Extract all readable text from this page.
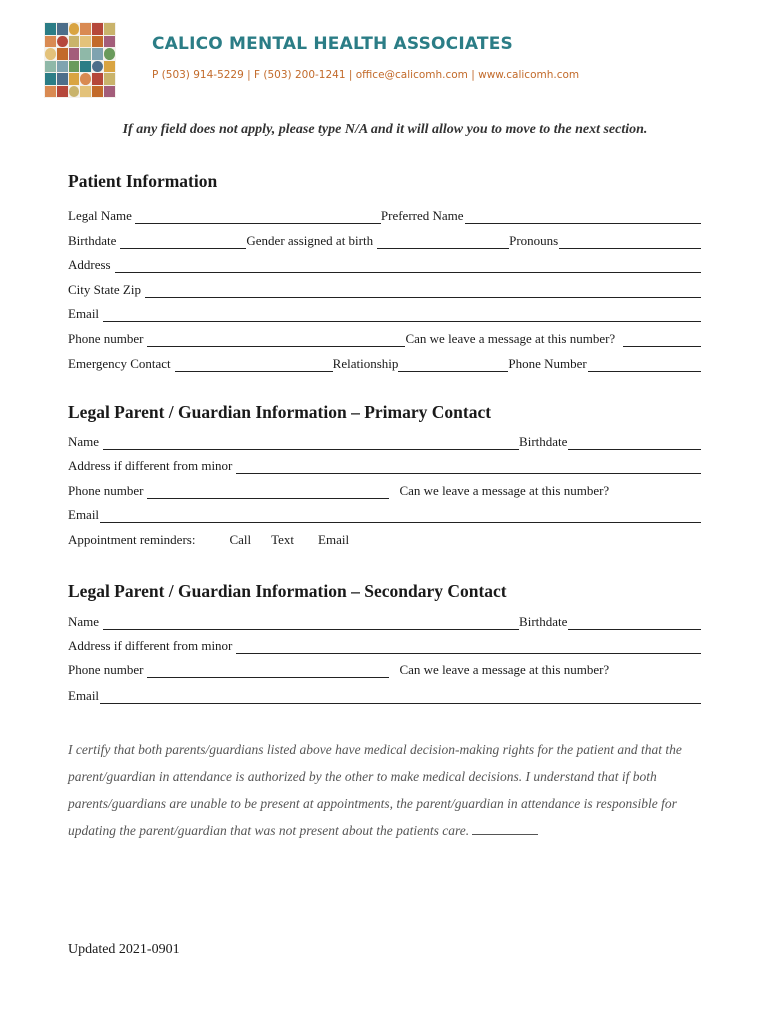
CALICO MENTAL HEALTH ASSOCIATES
P (503) 914-5229 | F (503) 200-1241 | office@calicomh.com | www.calicomh.com
If any field does not apply, please type N/A and it will allow you to move to the next section.
Patient Information
Legal Name	Preferred Name
Birthdate	Gender assigned at birth	Pronouns
Address
City State Zip
Email
Phone number	Can we leave a message at this number?
Emergency Contact	Relationship	Phone Number
Legal Parent / Guardian Information – Primary Contact
Name	Birthdate
Address if different from minor
Phone number	Can we leave a message at this number?
Email
Appointment reminders:	Call Text Email
Legal Parent / Guardian Information – Secondary Contact
Name	Birthdate
Address if different from minor
Phone number	Can we leave a message at this number?
Email
I certify that both parents/guardians listed above have medical decision-making rights for the patient and that the parent/guardian in attendance is authorized by the other to make medical decisions. I understand that if both parents/guardians are unable to be present at appointments, the parent/guardian in attendance is responsible for updating the parent/guardian that was not present about the patients care.
Updated 2021-0901
